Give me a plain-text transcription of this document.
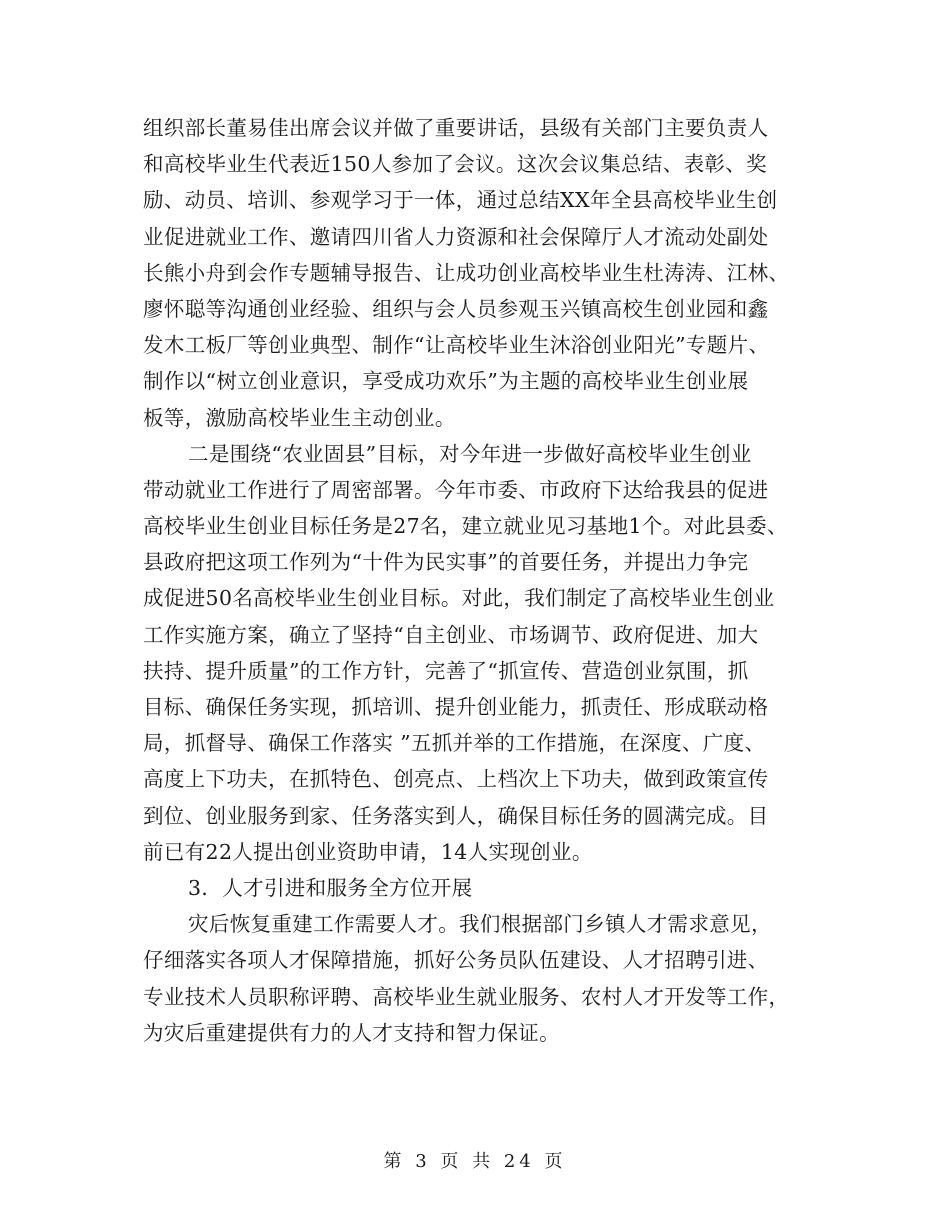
组织部长董易佳出席会议并做了重要讲话，县级有关部门主要负责人
和高校毕业生代表近150人参加了会议。这次会议集总结、表彰、奖
励、动员、培训、参观学习于一体，通过总结XX年全县高校毕业生创
业促进就业工作、邀请四川省人力资源和社会保障厅人才流动处副处
长熊小舟到会作专题辅导报告、让成功创业高校毕业生杜涛涛、江林、
廖怀聪等沟通创业经验、组织与会人员参观玉兴镇高校生创业园和鑫
发木工板厂等创业典型、制作“让高校毕业生沐浴创业阳光”专题片、
制作以“树立创业意识，享受成功欢乐”为主题的高校毕业生创业展
板等，激励高校毕业生主动创业。
二是围绕“农业固县”目标，对今年进一步做好高校毕业生创业
带动就业工作进行了周密部署。今年市委、市政府下达给我县的促进
高校毕业生创业目标任务是27名，建立就业见习基地1个。对此县委、
县政府把这项工作列为“十件为民实事”的首要任务，并提出力争完
成促进50名高校毕业生创业目标。对此，我们制定了高校毕业生创业
工作实施方案，确立了坚持“自主创业、市场调节、政府促进、加大
扶持、提升质量”的工作方针，完善了“抓宣传、营造创业氛围，抓
目标、确保任务实现，抓培训、提升创业能力，抓责任、形成联动格
局，抓督导、确保工作落实 ”五抓并举的工作措施，在深度、广度、
高度上下功夫，在抓特色、创亮点、上档次上下功夫，做到政策宣传
到位、创业服务到家、任务落实到人，确保目标任务的圆满完成。目
前已有22人提出创业资助申请，14人实现创业。
3．人才引进和服务全方位开展
灾后恢复重建工作需要人才。我们根据部门乡镇人才需求意见，
仔细落实各项人才保障措施，抓好公务员队伍建设、人才招聘引进、
专业技术人员职称评聘、高校毕业生就业服务、农村人才开发等工作，
为灾后重建提供有力的人才支持和智力保证。
第 3 页 共 24 页
